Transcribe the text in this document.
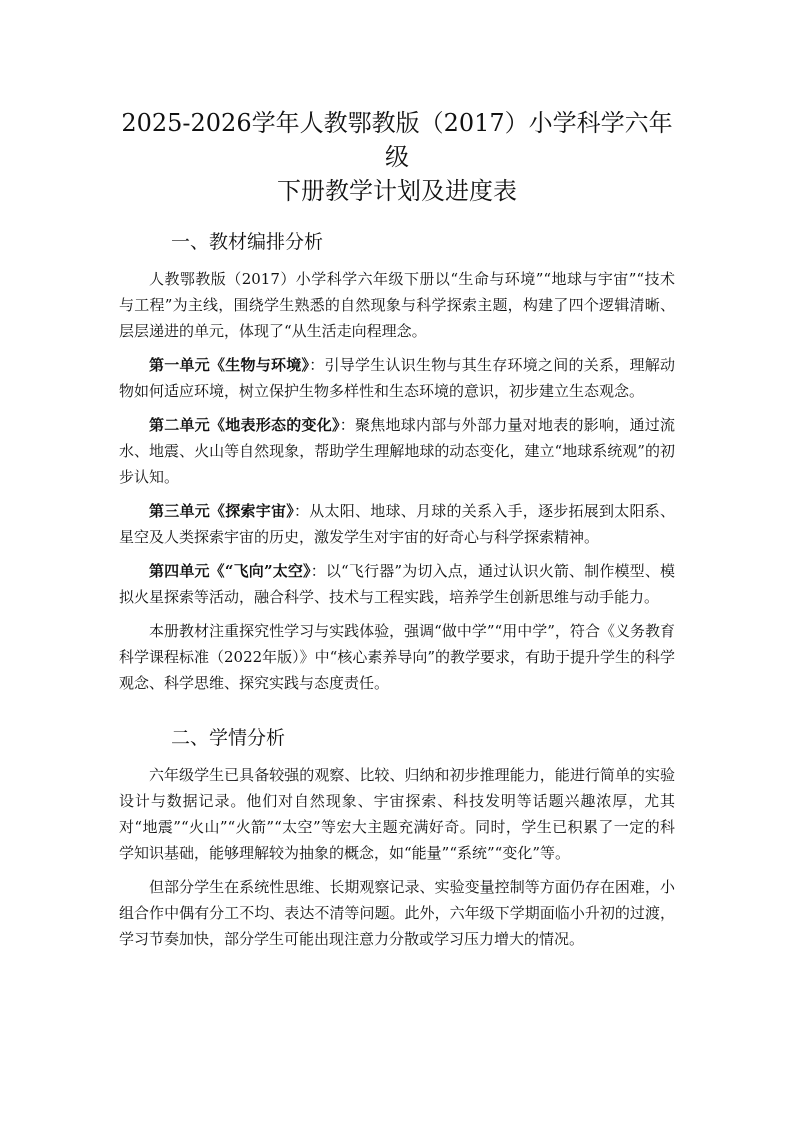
2025-2026学年人教鄂教版（2017）小学科学六年级
下册教学计划及进度表
一、教材编排分析

人教鄂教版（2017）小学科学六年级下册以“生命与环境”“地球与宇宙”“技术与工程”为主线，围绕学生熟悉的自然现象与科学探索主题，构建了四个逻辑清晰、层层递进的单元，体现了“从生活走向程理念。

第一单元《生物与环境》：引导学生认识生物与其生存环境之间的关系，理解动物如何适应环境，树立保护生物多样性和生态环境的意识，初步建立生态观念。

第二单元《地表形态的变化》：聚焦地球内部与外部力量对地表的影响，通过流水、地震、火山等自然现象，帮助学生理解地球的动态变化，建立“地球系统观”的初步认知。

第三单元《探索宇宙》：从太阳、地球、月球的关系入手，逐步拓展到太阳系、星空及人类探索宇宙的历史，激发学生对宇宙的好奇心与科学探索精神。

第四单元《“飞向”太空》：以“飞行器”为切入点，通过认识火箭、制作模型、模拟火星探索等活动，融合科学、技术与工程实践，培养学生创新思维与动手能力。

本册教材注重探究性学习与实践体验，强调“做中学”“用中学”，符合《义务教育科学课程标准（2022年版）》中“核心素养导向”的教学要求，有助于提升学生的科学观念、科学思维、探究实践与态度责任。

二、学情分析

六年级学生已具备较强的观察、比较、归纳和初步推理能力，能进行简单的实验设计与数据记录。他们对自然现象、宇宙探索、科技发明等话题兴趣浓厚，尤其对“地震”“火山”“火箭”“太空”等宏大主题充满好奇。同时，学生已积累了一定的科学知识基础，能够理解较为抽象的概念，如“能量”“系统”“变化”等。

但部分学生在系统性思维、长期观察记录、实验变量控制等方面仍存在困难，小组合作中偶有分工不均、表达不清等问题。此外，六年级下学期面临小升初的过渡，学习节奏加快，部分学生可能出现注意力分散或学习压力增大的情况。
